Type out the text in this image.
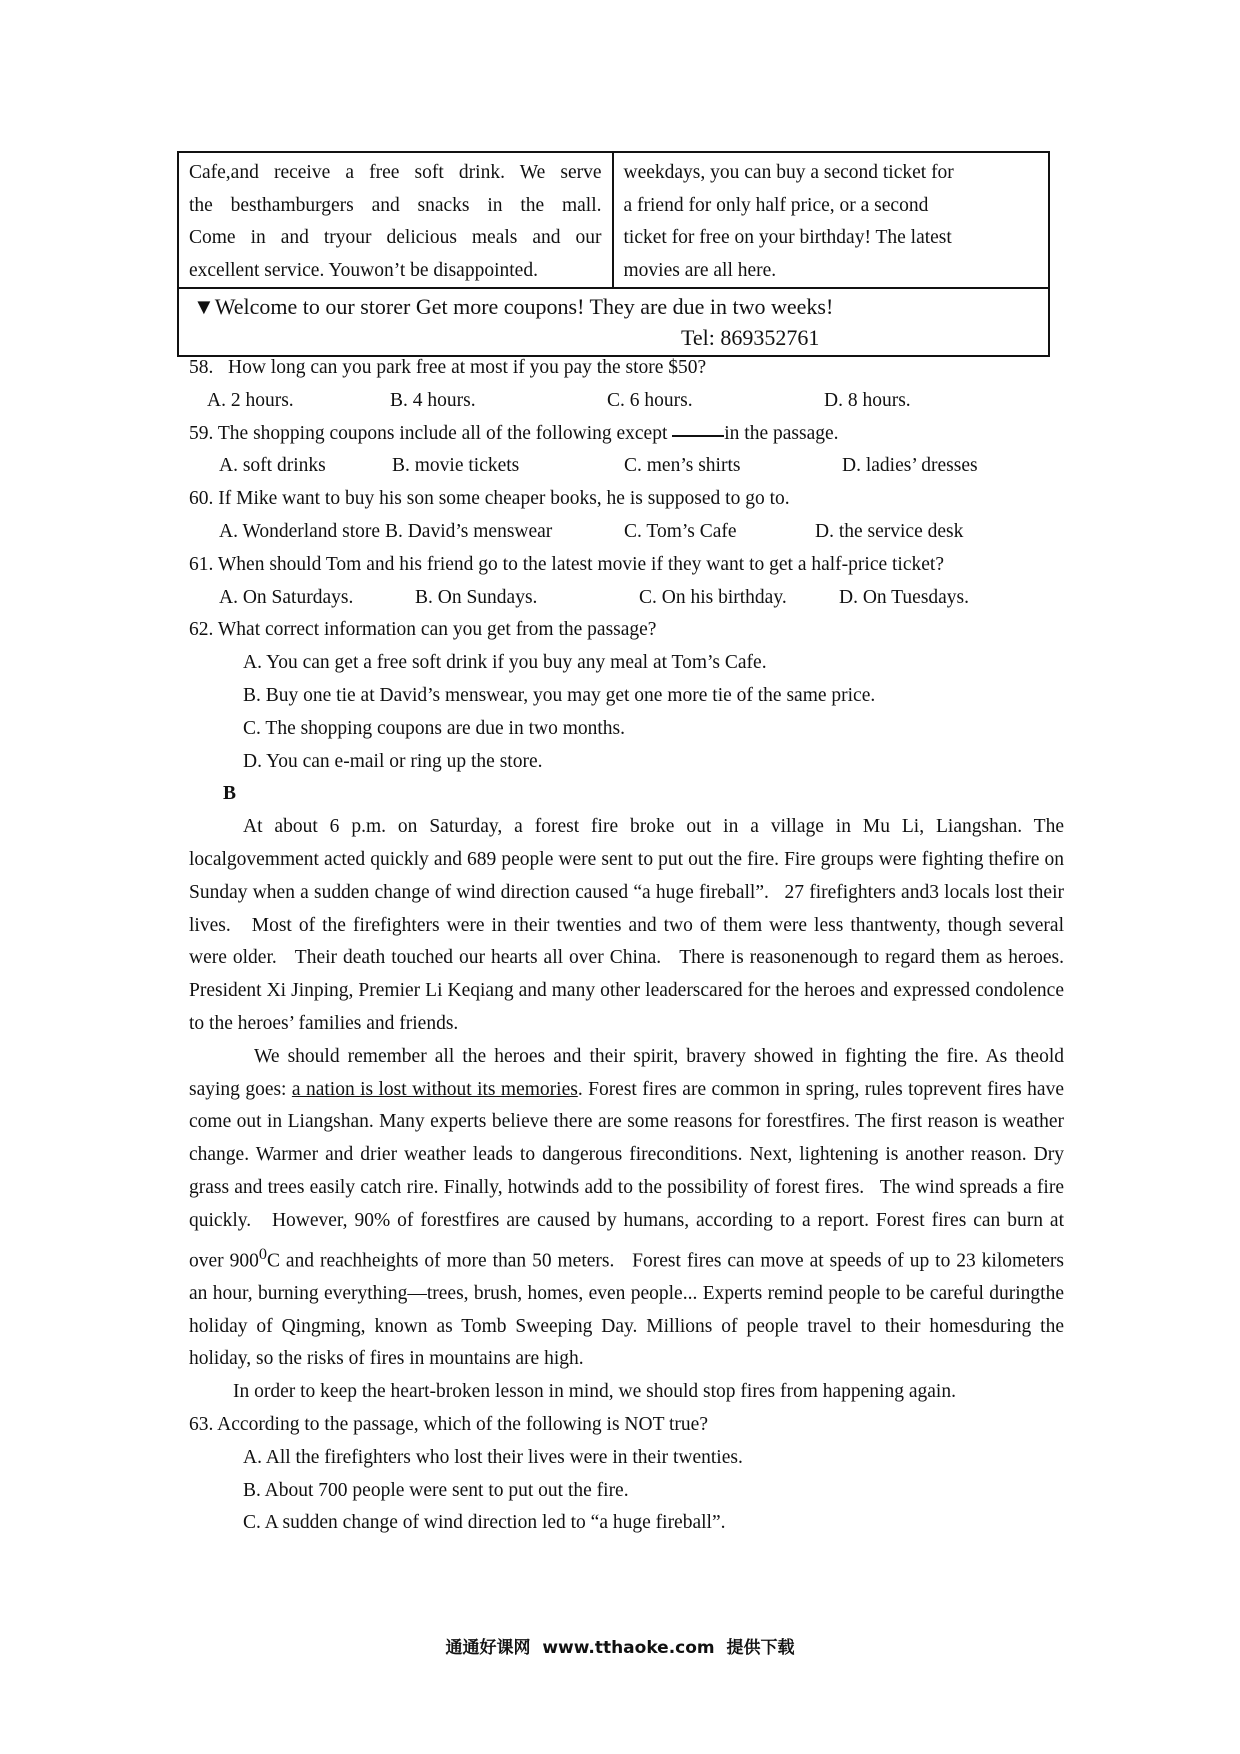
Cafe,and receive a free soft drink. We serve
the besthamburgers and snacks in the mall.
Come in and tryour delicious meals and our
excellent service. Youwon’t be disappointed.
weekdays, you can buy a second ticket for
a friend for only half price, or a second
ticket for free on your birthday! The latest
movies are all here.
▼Welcome to our storer Get more coupons! They are due in two weeks!
Tel: 869352761

58.   How long can you park free at most if you pay the store $50?

A. 2 hours.	B. 4 hours.	C. 6 hours.	D. 8 hours.

59. The shopping coupons include all of the following except	in the passage.

A. soft drinks	B. movie tickets	C. men’s shirts	D. ladies’ dresses

60. If Mike want to buy his son some cheaper books, he is supposed to go to.

A. Wonderland store B. David’s menswear	C. Tom’s Cafe	D. the service desk

61. When should Tom and his friend go to the latest movie if they want to get a half-price ticket?

A. On Saturdays.	B. On Sundays.	C. On his birthday.	D. On Tuesdays.

62. What correct information can you get from the passage?

A. You can get a free soft drink if you buy any meal at Tom’s Cafe.

B. Buy one tie at David’s menswear, you may get one more tie of the same price.

C. The shopping coupons are due in two months.

D. You can e-mail or ring up the store.

B

At about 6 p.m. on Saturday, a forest fire broke out in a village in Mu Li, Liangshan. The localgovemment acted quickly and 689 people were sent to put out the fire. Fire groups were fighting thefire on Sunday when a sudden change of wind direction caused “a huge fireball”.   27 firefighters and3 locals lost their lives.   Most of the firefighters were in their twenties and two of them were less thantwenty, though several were older.   Their death touched our hearts all over China.   There is reasonenough to regard them as heroes. President Xi Jinping, Premier Li Keqiang and many other leaderscared for the heroes and expressed condolence to the heroes’ families and friends.

We should remember all the heroes and their spirit, bravery showed in fighting the fire. As theold saying goes: a nation is lost without its memories. Forest fires are common in spring, rules toprevent fires have come out in Liangshan. Many experts believe there are some reasons for forestfires. The first reason is weather change. Warmer and drier weather leads to dangerous fireconditions. Next, lightening is another reason. Dry grass and trees easily catch rire. Finally, hotwinds add to the possibility of forest fires.   The wind spreads a fire quickly.   However, 90% of forestfires are caused by humans, according to a report. Forest fires can burn at over $900^0C$ and reachheights of more than 50 meters.   Forest fires can move at speeds of up to 23 kilometers an hour, burning everything—trees, brush, homes, even people... Experts remind people to be careful duringthe holiday of Qingming, known as Tomb Sweeping Day. Millions of people travel to their homesduring the holiday, so the risks of fires in mountains are high.

In order to keep the heart-broken lesson in mind, we should stop fires from happening again.

63. According to the passage, which of the following is NOT true?

A. All the firefighters who lost their lives were in their twenties.

B. About 700 people were sent to put out the fire.

C. A sudden change of wind direction led to “a huge fireball”.

通通好课网  www.tthaoke.com  提供下载
